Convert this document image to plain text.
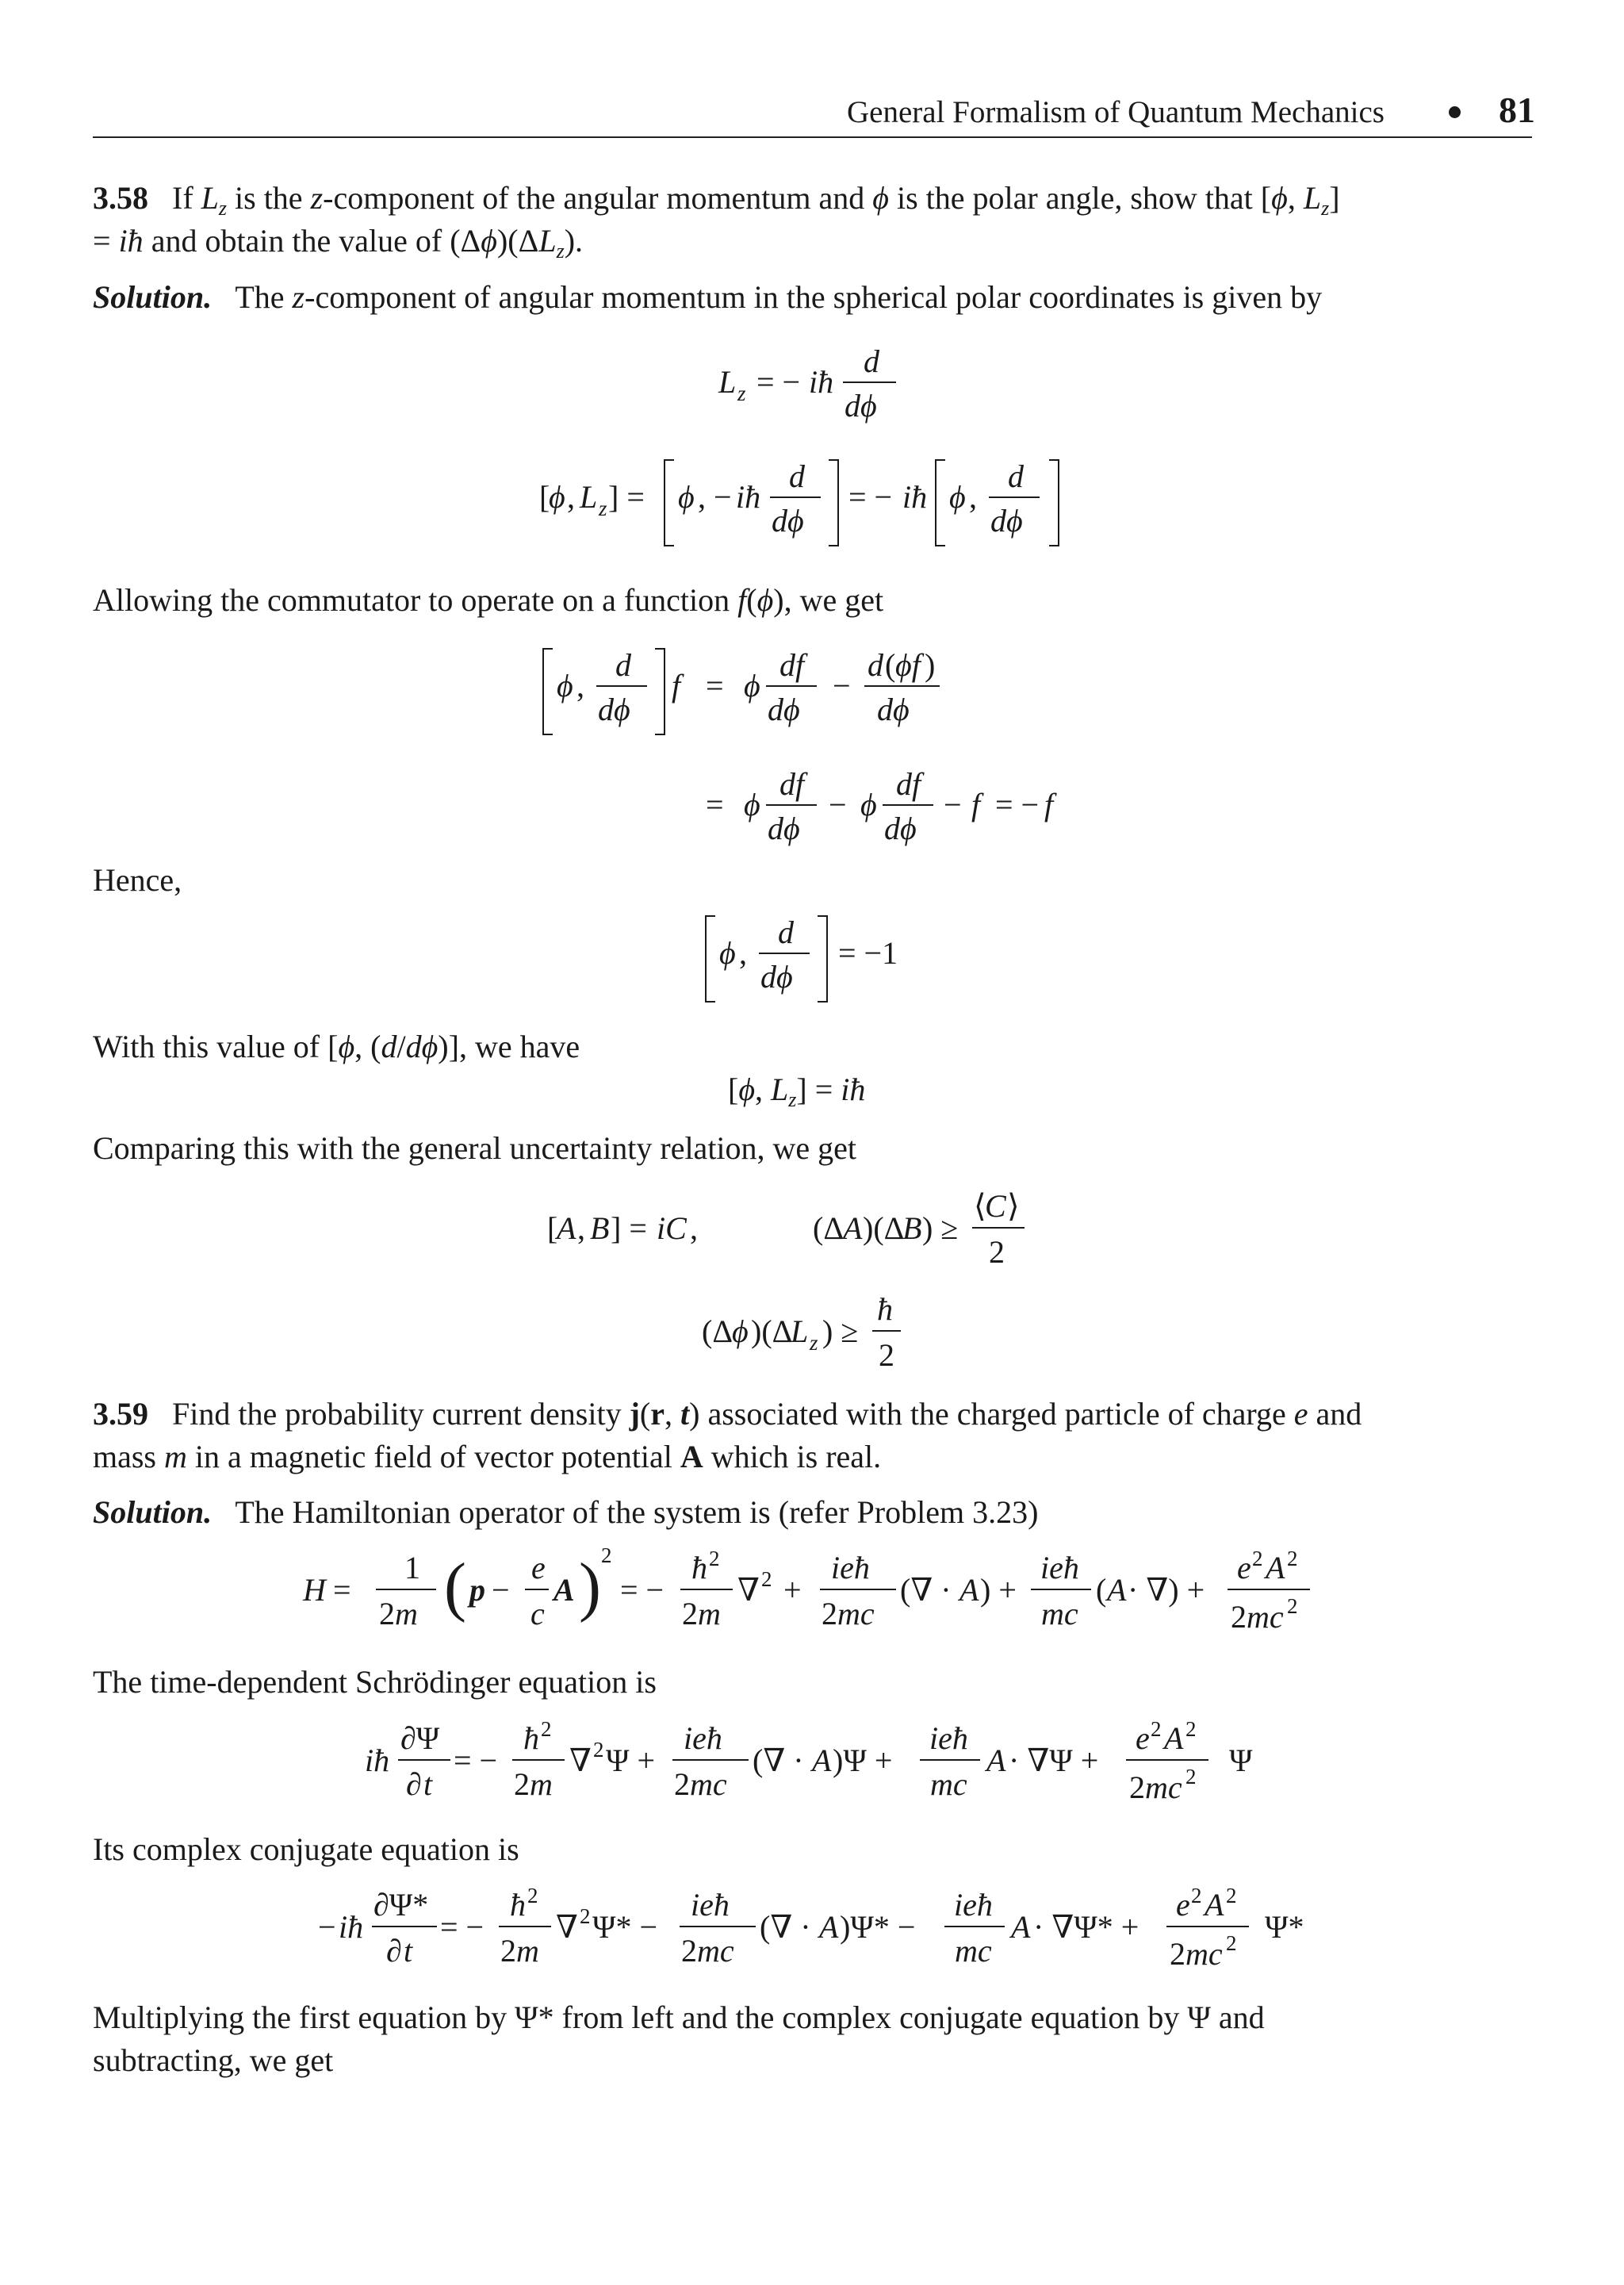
General Formalism of Quantum Mechanics	81
3.58 If $L_z$ is the z-component of the angular momentum and ϕ is the polar angle, show that [ϕ, $L_z$]
= iħ and obtain the value of $(\Delta\phi)(\Delta L_z)$.
Solution. The z-component of angular momentum in the spherical polar coordinates is given by
L z = − iħ
d
dϕ
[
ϕ , L z ] = ϕ , − iħ
d
dϕ
= − iħ ϕ ,
d
dϕ
Allowing the commutator to operate on a function f(ϕ), we get
ϕ ,
d
dϕ
f = ϕ
df
dϕ
−
d ( ϕf )
dϕ
= ϕ
df
dϕ
− ϕ
df
dϕ
− f = − f
Hence,
ϕ ,
d
dϕ
= −1
With this value of [ϕ, (d/dϕ)], we have
[ϕ, $L_z$] = iħ
Comparing this with the general uncertainty relation, we get
[
A , B ] = iC ,	(Δ
A )(Δ
B ) ≥
⟨
C ⟩
2
(Δ
ϕ )(Δ
L z ) ≥
ħ
2
3.59 Find the probability current density j(r, t) associated with the charged particle of charge e and
mass m in a magnetic field of vector potential A which is real.
Solution. The Hamiltonian operator of the system is (refer Problem 3.23)
H =
1
2 m ( p −
e
c
A ) 2
= −
ħ 2
2 m
∇ 2 +
ieħ
2 mc
(∇ · A ) +
ieħ
mc
( A · ∇) +
e 2 A 2
2 mc 2
The time-dependent Schrödinger equation is
iħ
∂Ψ
∂ t
= −
ħ 2
2 m
∇ 2 Ψ +
ieħ
2 mc
(∇ · A )Ψ +
ieħ
mc
A · ∇Ψ +
e 2 A 2
2 mc 2 Ψ
Its complex conjugate equation is
− iħ
∂Ψ*
∂ t
= −
ħ 2
2 m
∇ 2 Ψ* −
ieħ
2 mc
(∇ · A )Ψ* −
ieħ
mc
A · ∇Ψ* +
e 2 A 2
2 mc 2 Ψ*
Multiplying the first equation by Ψ* from left and the complex conjugate equation by Ψ and
subtracting, we get
